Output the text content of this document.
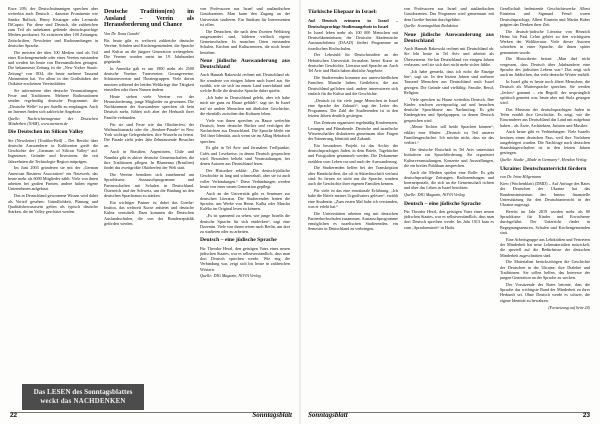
Etwa 20% der Deutschstämmigen sprechen aber weiterhin auch Deutsch – darunter Prominente wie Sandra Bullock, Henry Kissinger oder Leonardo DiCaprio. Für diese sind Deutsch, die zahlreichen zum Teil als unbekannt geltende deutschsprachige Medien produziert. Es existieren über 100 Zeitungen, Zeitschriften, Newsletter und Radiosendungen in deutscher Sprache.

Die meisten der über 100 Medien sind als Teil einer Kirchengemeinde oder eines Vereins entstanden und werden bis heute von Ehrenamtlichen getragen. Die bekannteste Zeitung ist die „New Yorker Staats-Zeitung“ von 1834, die heute mehrere Tausend Abonnenten hat. Vor allem in den Großstädten der Ostküste erscheinen Vereinsblätter.

Sie informieren über deutsche Veranstaltungen, Feste und Traditionen. Mehrere Radiostationen senden regelmäßig deutsche Programme, die „Deutsche Welle“ ist per Satellit zu empfangen. Auch im Internet finden sich zahlreiche Angebote.

Quelle: Nachrichtenagentur der Deutschen Minderheit (NAM), www.mentem.de

Die Deutschen im Silicon Valley

Sie (Newsletter) (Tonfilm-Bell) – Der Bericht über deutsche Auswanderer in Kalifornien greift die Geschichte der „Germans of Silicon Valley“ auf: Ingenieure, Gründer und Investoren, die seit Jahrzehnten die Technologie-Region mitprägen.

Im Juni 2003 gründeten sie mit der „German American Business Association“ ein Netzwerk, das heute mehr als 6000 Mitglieder zählt. Viele von ihnen arbeiten bei großen Firmen, andere haben eigene Unternehmen aufgebaut.

Das in Deutschland gewonnene Wissen wird dabei als Vorteil gesehen: Gründlichkeit, Planung und Qualitätsbewusstsein gelten als typisch deutsche Stärken, die im Valley geschätzt werden.

Deutsche Tradition(en) im Ausland – Verein als Herausforderung und Chance

Von Dr. Ilona Gundel

Bis heute gibt es weltweit zahlreiche deutsche Vereine, Schulen und Kirchengemeinden, die Sprache und Kultur an die jüngere Generation weitergeben. Die Vereine wurden meist im 19. Jahrhundert gegründet.

In Amerika gab es um 1900 mehr als 2500 deutsche Vereine: Turnvereine, Gesangvereine, Schützenvereine und Theatergruppen. Viele davon mussten während der beiden Weltkriege ihre Tätigkeit einstellen oder ihren Namen ändern.

Heute stehen viele Vereine vor der Herausforderung, junge Mitglieder zu gewinnen. Die Nachkommen der Auswanderer sprechen oft kein Deutsch mehr, fühlen sich aber der Herkunft ihrer Familie verbunden.

Für sie sind Feste wie das Oktoberfest, der Weihnachtsmarkt oder die „Steuben-Parade“ in New York wichtige Gelegenheiten, ihre Wurzeln zu feiern. Die Parade zieht jedes Jahr Zehntausende Besucher an.

Auch in Brasilien, Argentinien, Chile und Namibia gibt es aktive deutsche Gemeinschaften, die ihre Traditionen pflegen. In Blumenau (Brasilien) findet das zweitgrößte Oktoberfest der Welt statt.

Die Vereine bemühen sich zunehmend um Sprachkurse, Austauschprogramme und Partnerschaften mit Schulen in Deutschland, Österreich und der Schweiz, um die Bindung an den deutschen Sprachraum zu stärken.

Ein wichtiger Partner ist dabei das Goethe-Institut, das weltweit Kurse anbietet und deutsche Kultur vermittelt. Dazu kommen die Deutschen Auslandsschulen, die von der Bundesrepublik gefördert werden.

von Professoren aus Israel und ausländischen Gastdozenten. Man kann den Zugang an der Universität studieren. Ein Studium für Interessenten ist offen.

Die Deutschen, die nach dem Zweiten Weltkrieg ausgewandert sind, bildeten vielfach eigene Gemeinschaften. In manchen Orten entstanden Schulen, Kirchen und Kulturzentren, die noch heute bestehen.

Neue jüdische Auswanderung aus Deutschland

Auch Hannah Rakowski rechnet mit Deutschland ab: Sie wanderte vor einigen Jahren nach Israel aus. Sie erzählt, wie sie sich im neuen Land zurechtfand und welche Rolle die deutsche Sprache dabei spielte.

„Ich habe in Deutschland gelebt, aber ich habe mich nie ganz zu Hause gefühlt“, sagt sie. In Israel traf sie andere Menschen mit ähnlicher Geschichte, die ebenfalls zwischen den Kulturen leben.

Viele von ihnen sprechen zu Hause weiterhin Deutsch, lesen deutsche Bücher und verfolgen die Nachrichten aus Deutschland. Die Sprache bleibt ein Teil ihrer Identität, auch wenn sie im Alltag Hebräisch sprechen.

Es gibt in Tel Aviv und Jerusalem Treffpunkte, Cafés und Lesekreise, in denen Deutsch gesprochen wird. Besonders beliebt sind Veranstaltungen, bei denen Autoren aus Deutschland lesen.

Der Historiker erklärt: „Die deutsch-jüdische Geschichte ist lang und schmerzhaft, aber sie ist auch voller Verbindungen.“ Diese Verbindungen werden heute von einer neuen Generation gepflegt.

Auch an der Universität gibt es Seminare zur deutschen Literatur. Die Studierenden lernen die Sprache, um Werke von Heine, Kafka oder Mascha Kaléko im Original lesen zu können.

„Es ist spannend zu sehen, wie junge Israelis die deutsche Sprache für sich entdecken“, sagt eine Dozentin. Viele von ihnen reisen nach Berlin, um dort zu studieren oder zu arbeiten.

Deutsch – eine jüdische Sprache

Für Theodor Herzl, den geistigen Vater eines neuen jüdischen Staates, war es selbstverständlich, dass man dort Deutsch sprechen werde. Wie eng die Verbindung war, zeigt sich bis heute in zahlreichen Wörtern.

Quelle: DIG Magazin, NOVA Verlag

Das LESEN des Sonntagsblattes
weckt das NACHDENKEN
22	Sonntagsblatt
Türkische Ehepaar in Israel:

Auf Deutsch erinnern in Israel – Deutschsprachige Studienangebote in Israel

In Israel leben mehr als 100 000 Menschen mit Deutschkenntnissen; der Deutsche Akademische Austauschdienst (DAAD) fördert Programme an israelischen Hochschulen.

Der Lehrstuhl für Deutschstudien an der Hebräischen Universität Jerusalem bietet Kurse in deutscher Geschichte, Literatur und Sprache an. Auch Tel Aviv und Haifa haben ähnliche Angebote.

Die Studierenden kommen aus unterschiedlichen Familien. Manche haben Großeltern, die aus Deutschland geflohen sind; andere interessieren sich einfach für die Kultur und die Geschichte.

„Deutsch ist für viele junge Menschen in Israel eine Sprache der Zukunft“, sagt der Leiter des Programms. Die Zahl der Studierenden ist in den letzten Jahren deutlich gestiegen.

Das Zentrum organisiert regelmäßig Konferenzen, Lesungen und Filmabende. Deutsche und israelische Wissenschaftler diskutieren gemeinsam über Fragen der Erinnerung, Identität und Zukunft.

Ein besonderes Projekt ist das Archiv der deutschsprachigen Juden, in dem Briefe, Tagebücher und Fotografien gesammelt werden. Die Dokumente erzählen vom Leben vor und nach der Auswanderung.

Die Studierenden helfen bei der Transkription alter Handschriften, die oft in Sütterlinschrift verfasst sind. So lernen sie nicht nur die Sprache, sondern auch die Geschichte ihrer eigenen Familien kennen.

Für viele ist das eine emotionale Erfahrung. „Ich habe die Briefe meines Urgroßvaters gelesen“, erzählt eine Studentin. „Zum ersten Mal habe ich verstanden, was er erlebt hat.“

Die Universitäten arbeiten eng mit deutschen Partnerhochschulen zusammen. Austauschprogramme ermöglichen es israelischen Studierenden, ein Semester in Deutschland zu verbringen.

von Professoren aus Israel und ausländischen Gastdozenten. Das Programm wird gemeinsam mit dem Goethe-Institut durchgeführt.

Quelle: Sonntagsblatt Redaktion

Neue jüdische Auswanderung aus Deutschland

Auch Hannah Rakowski rechnet mit Deutschland ab: Sie lebt heute in Tel Aviv und arbeitet als Übersetzerin. Sie hat Deutschland vor einigen Jahren verlassen, weil sie sich dort nicht mehr sicher fühlte.

„Ich habe gemerkt, dass ich nicht die Einzige bin“, sagt sie. In den letzten Jahren sind mehrere Tausend Menschen aus Deutschland nach Israel gezogen. Die Gründe sind vielfältig: Familie, Beruf, Religion.

Viele sprechen zu Hause weiterhin Deutsch. Ihre Kinder wachsen zweisprachig auf und besuchen deutsche Sprachkurse am Nachmittag. Es gibt Kindergärten und Spielgruppen, in denen Deutsch gesprochen wird.

„Meine Tochter soll beide Sprachen können“, erklärt eine Mutter. „Deutsch ist Teil unserer Familiengeschichte. Ich möchte nicht, dass sie das verliert.“

Die deutsche Botschaft in Tel Aviv unterstützt Initiativen zur Sprachförderung. Sie organisiert Kulturveranstaltungen, Konzerte und Ausstellungen, die ein breites Publikum ansprechen.

Auch die Medien spielen eine Rolle: Es gibt deutschsprachige Zeitungen, Radiosendungen und Internetportale, die sich an die Gemeinschaft richten und über das Leben in Israel berichten.

Quelle: DIG Magazin, NOVA Verlag

Deutsch – eine jüdische Sprache

Für Theodor Herzl, den geistigen Vater eines neuen jüdischen Staates, war es selbstverständlich, dass man dort Deutsch sprechen werde. Im Jahr 1913 kam es zum „Sprachenstreit“ in Haifa.

Gesellschaft bedeutende Geschichtswerke Albert Einsteins und Sigmund Freud waren Deutschsprachige, Albert Einstein und Martin Buber prägten das Denken ihrer Zeit.

Die deutsch-jüdische Literatur von Heinrich Heine bis Paul Celan gehört zu den wichtigsten Werken der Weltliteratur. Viele dieser Autoren schrieben in einer Sprache, die ihnen später genommen wurde.

Die Historikerin betont: „Man darf nicht vergessen, dass Deutsch über Jahrhunderte eine Sprache des jüdischen Lebens war.“ Das zeigt sich auch im Jiddischen, das viele deutsche Wörter enthält.

In Israel gibt es heute noch ältere Menschen, die Deutsch als Muttersprache sprechen. Sie werden „Jeckes“ genannt – ein Begriff, der ursprünglich spöttisch gemeint war, heute aber mit Stolz getragen wird.

Das Museum der deutschsprachigen Juden in Tefen erzählt ihre Geschichte. Es zeigt, wie die Einwanderer aus Deutschland das Land mit aufgebaut haben – als Ärzte, Architekten, Juristen und Musiker.

Auch heute gibt es Verbindungen: Viele Israelis besitzen einen deutschen Pass, weil ihre Vorfahren ausgebürgert wurden. Die Nachfrage nach deutschen Staatsbürgerschaften ist in den letzten Jahren gestiegen.

Quelle: Studie „Made in Germany“, Hendon Verlag

Ukraine: Deutschunterricht fördern

von Dr. Irina Hilgemann

Kiew (Wochenblatt) (DMD) – Auf Anfrage des Rates der Deutschen der Ukraine hat das Bundesministerium des Innern finanzielle Unterstützung für den Deutschunterricht in der Ukraine zugesagt.

Bereits im Jahr 2019 wurden mehr als 80 Sprachkurse für Kinder und Erwachsene durchgeführt. Der Unterricht findet in Begegnungszentren, Schulen und Kirchengemeinden statt.

Eine Arbeitsgruppe aus Lehrkräften und Vertretern der Minderheit hat neue Lehrmaterialien entwickelt, die speziell auf die Bedürfnisse der deutschen Minderheit zugeschnitten sind.

Die Materialien berücksichtigen die Geschichte der Deutschen in der Ukraine, ihre Dialekte und Traditionen. Sie sollen helfen, das Interesse der jungen Generation an der Sprache zu wecken.

Der Vorsitzende des Rates betonte, dass die Sprache das wichtigste Band der Minderheit zu ihrer Herkunft sei. Ohne Deutsch werde es schwer, die eigene Identität zu bewahren.

(Fortsetzung auf Seite 24)

Sonntagsblatt	23
